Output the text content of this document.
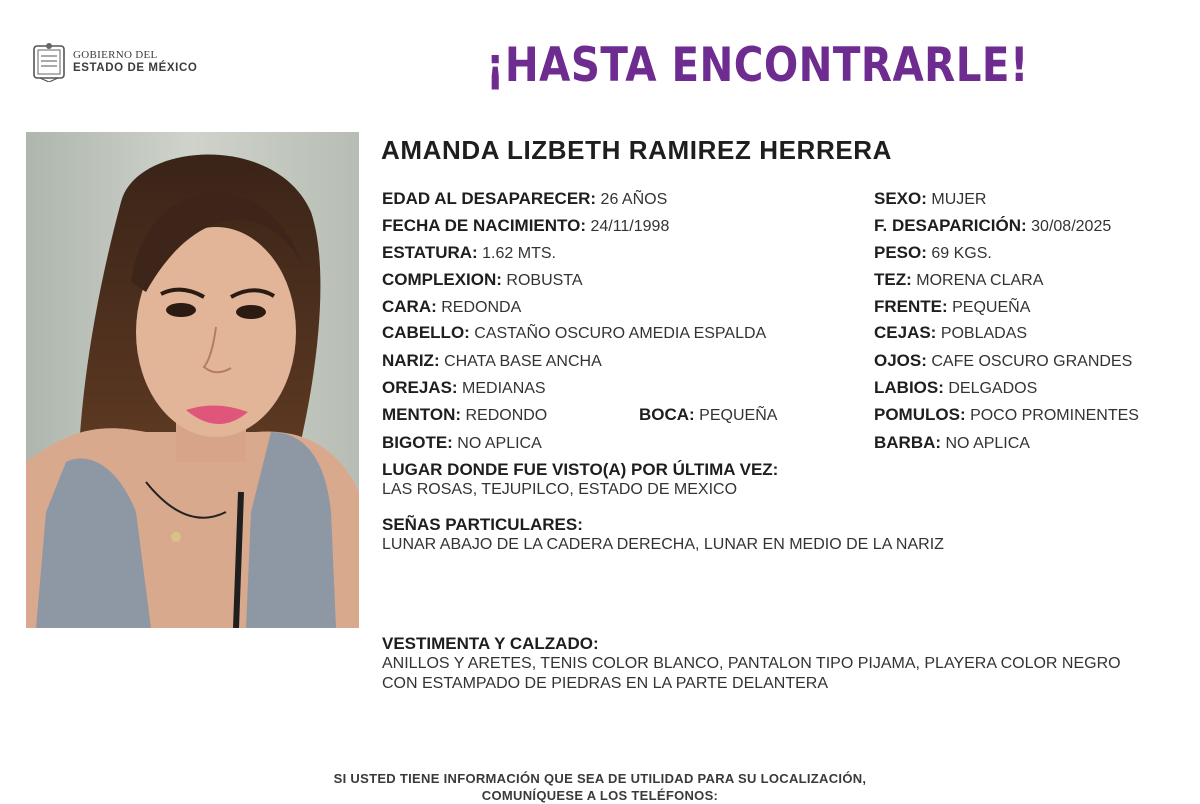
GOBIERNO DEL
ESTADO DE MÉXICO	¡HASTA ENCONTRARLE!
AMANDA LIZBETH RAMIREZ HERRERA
EDAD AL DESAPARECER: 26 AÑOS
FECHA DE NACIMIENTO: 24/11/1998
ESTATURA: 1.62 MTS.
COMPLEXION: ROBUSTA
CARA: REDONDA
CABELLO: CASTAÑO OSCURO AMEDIA ESPALDA
NARIZ: CHATA BASE ANCHA
OREJAS: MEDIANAS
MENTON: REDONDO	BOCA: PEQUEÑA
BIGOTE: NO APLICA
SEXO: MUJER
F. DESAPARICIÓN: 30/08/2025
PESO: 69 KGS.
TEZ: MORENA CLARA
FRENTE: PEQUEÑA
CEJAS: POBLADAS
OJOS: CAFE OSCURO GRANDES
LABIOS: DELGADOS
POMULOS: POCO PROMINENTES
BARBA: NO APLICA
LUGAR DONDE FUE VISTO(A) POR ÚLTIMA VEZ:
LAS ROSAS, TEJUPILCO, ESTADO DE MEXICO
SEÑAS PARTICULARES:
LUNAR ABAJO DE LA CADERA DERECHA, LUNAR EN MEDIO DE LA NARIZ
VESTIMENTA Y CALZADO:
ANILLOS Y ARETES, TENIS COLOR BLANCO, PANTALON TIPO PIJAMA, PLAYERA COLOR NEGRO
CON ESTAMPADO DE PIEDRAS EN LA PARTE DELANTERA
SI USTED TIENE INFORMACIÓN QUE SEA DE UTILIDAD PARA SU LOCALIZACIÓN,
COMUNÍQUESE A LOS TELÉFONOS:
